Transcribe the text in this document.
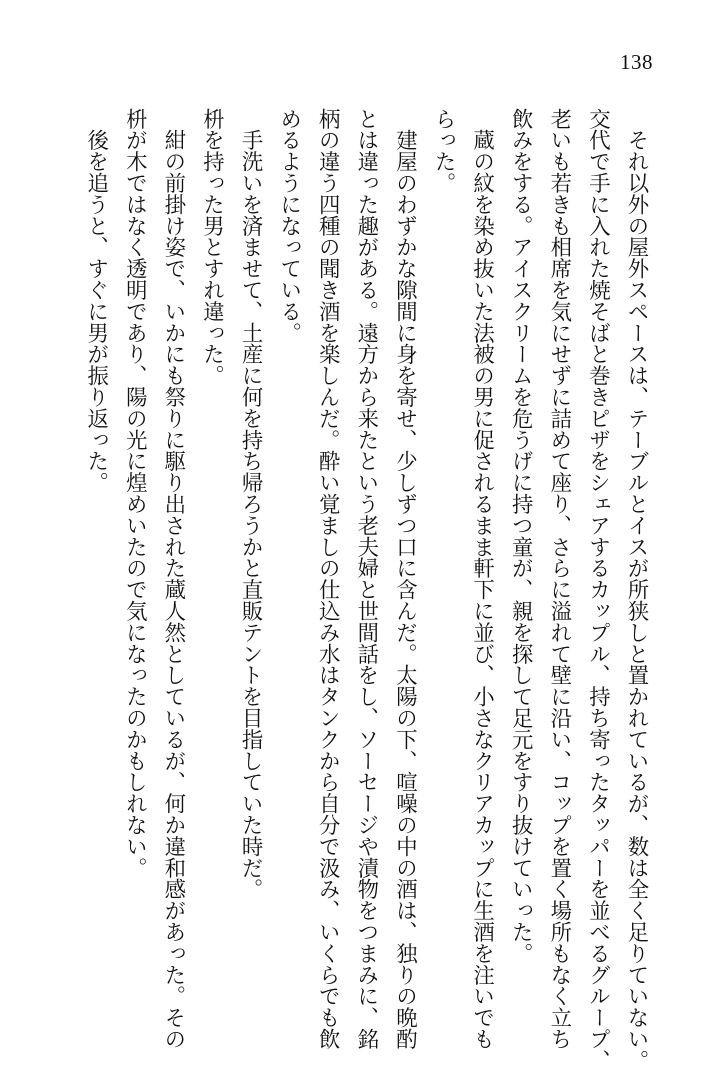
138
　それ以外の屋外スペースは、テーブルとイスが所狭しと置かれているが、数は全く足りていない。
交代で手に入れた焼そばと巻きピザをシェアするカップル、持ち寄ったタッパーを並べるグループ、
老いも若きも相席を気にせずに詰めて座り、さらに溢れて壁に沿い、コップを置く場所もなく立ち
飲みをする。アイスクリームを危うげに持つ童が、親を探して足元をすり抜けていった。
　蔵の紋を染め抜いた法被の男に促されるまま軒下に並び、小さなクリアカップに生酒を注いでも
らった。
　建屋のわずかな隙間に身を寄せ、少しずつ口に含んだ。太陽の下、喧噪の中の酒は、独りの晩酌
とは違った趣がある。遠方から来たという老夫婦と世間話をし、ソーセージや漬物をつまみに、銘
柄の違う四種の聞き酒を楽しんだ。酔い覚ましの仕込み水はタンクから自分で汲み、いくらでも飲
めるようになっている。
　手洗いを済ませて、土産に何を持ち帰ろうかと直販テントを目指していた時だ。
枡を持った男とすれ違った。
　紺の前掛け姿で、いかにも祭りに駆り出された蔵人然としているが、何か違和感があった。その
枡が木ではなく透明であり、陽の光に煌めいたので気になったのかもしれない。
　後を追うと、すぐに男が振り返った。
